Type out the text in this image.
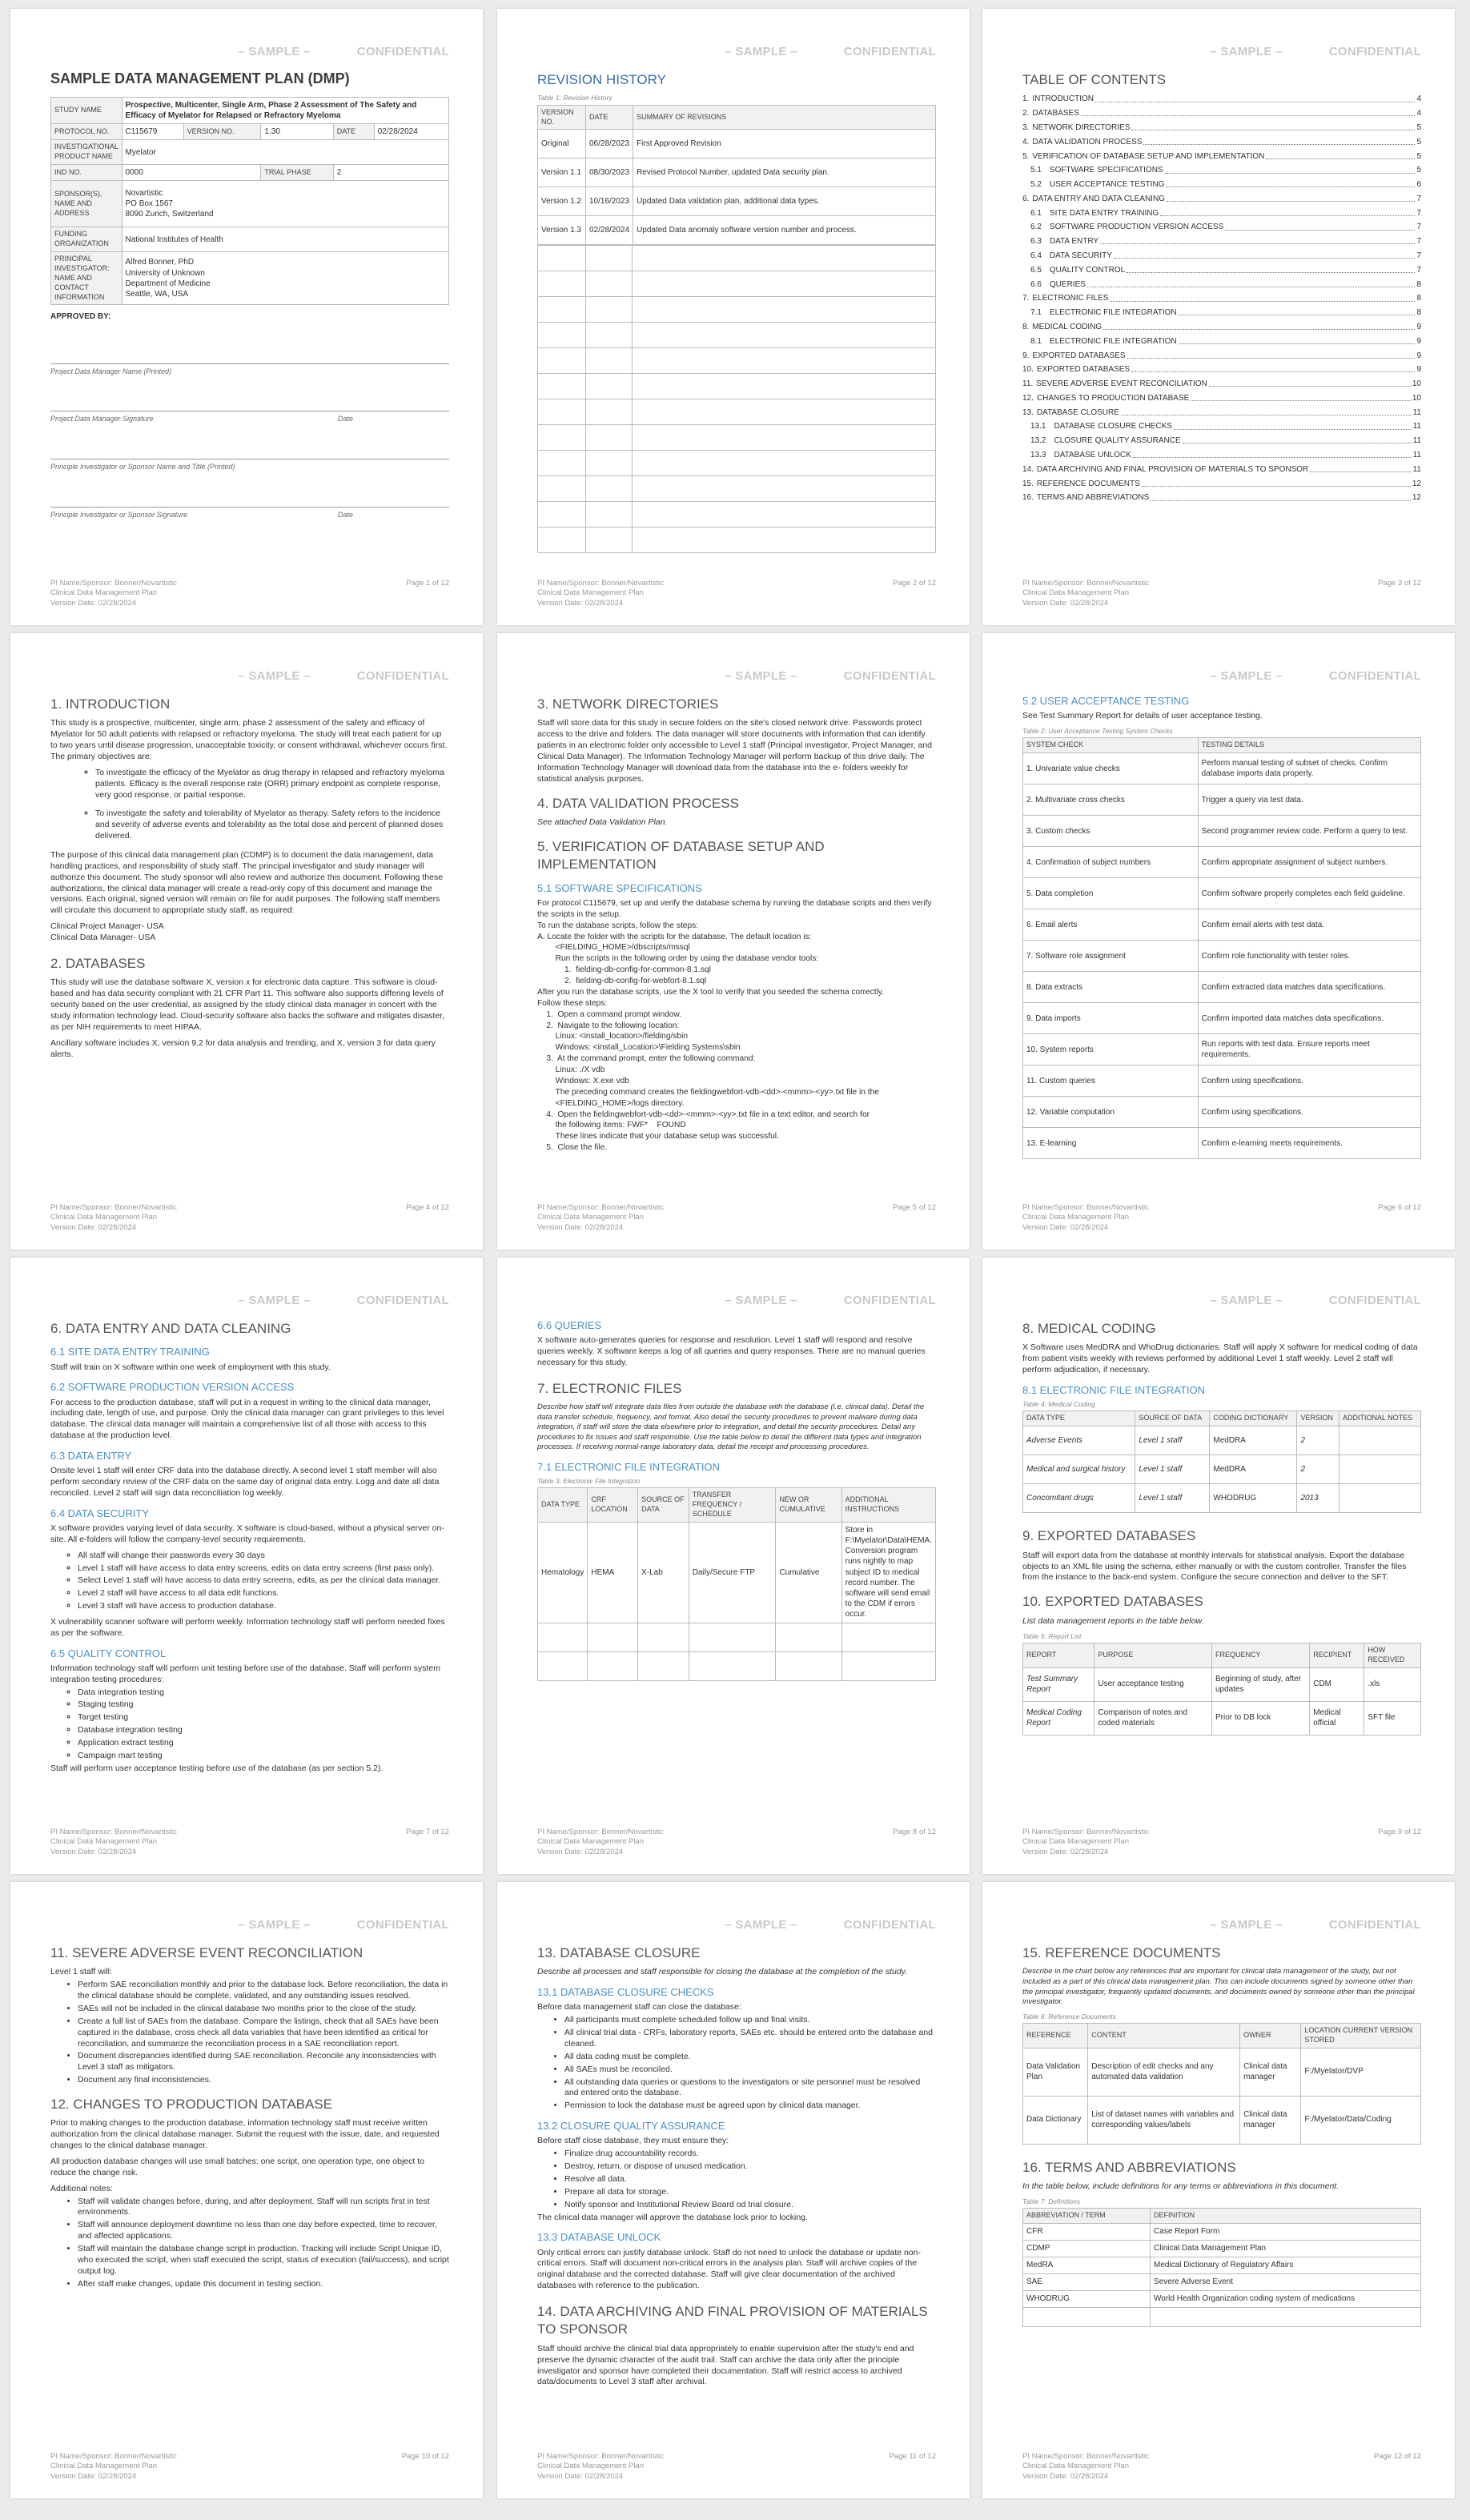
– SAMPLE –	CONFIDENTIAL
SAMPLE DATA MANAGEMENT PLAN (DMP)
STUDY NAME	Prospective, Multicenter, Single Arm, Phase 2 Assessment of The Safety and Efficacy of Myelator for Relapsed or Refractory Myeloma				
PROTOCOL NO.	C115679	VERSION NO.	1.30	DATE	02/28/2024
INVESTIGATIONAL PRODUCT NAME	Myelator				
IND NO.	0000		TRIAL PHASE	2	
SPONSOR(S), NAME AND ADDRESS	Novartistic
PO Box 1567
8090 Zurich, Switzerland				
FUNDING ORGANIZATION	National Institutes of Health				
PRINCIPAL INVESTIGATOR: NAME AND CONTACT INFORMATION	Alfred Bonner, PhD
University of Unknown
Department of Medicine
Seattle, WA, USA				
APPROVED BY:
Project Data Manager Name (Printed)
Project Data Manager Signature	Date
Principle Investigator or Sponsor Name and Title (Printed)
Principle Investigator or Sponsor Signature	Date
PI Name/Sponsor: Bonner/Novartistic
Clinical Data Management Plan
Version Date: 02/28/2024
Page 1 of 12
– SAMPLE –	CONFIDENTIAL
REVISION HISTORY
Table 1: Revision History
VERSION NO.	DATE	SUMMARY OF REVISIONS
Original	06/28/2023	First Approved Revision
Version 1.1	08/30/2023	Revised Protocol Number, updated Data security plan.
Version 1.2	10/16/2023	Updated Data validation plan, additional data types.
Version 1.3	02/28/2024	Updated Data anomaly software version number and process.

PI Name/Sponsor: Bonner/Novartistic
Clinical Data Management Plan
Version Date: 02/28/2024
Page 2 of 12
– SAMPLE –	CONFIDENTIAL
TABLE OF CONTENTS
1. INTRODUCTION	4
2. DATABASES	4
3. NETWORK DIRECTORIES	5
4. DATA VALIDATION PROCESS	5
5. VERIFICATION OF DATABASE SETUP AND IMPLEMENTATION	5
5.1 SOFTWARE SPECIFICATIONS	5
5.2 USER ACCEPTANCE TESTING	6
6. DATA ENTRY AND DATA CLEANING	7
6.1 SITE DATA ENTRY TRAINING	7
6.2 SOFTWARE PRODUCTION VERSION ACCESS	7
6.3 DATA ENTRY	7
6.4 DATA SECURITY	7
6.5 QUALITY CONTROL	7
6.6 QUERIES	8
7. ELECTRONIC FILES	8
7.1 ELECTRONIC FILE INTEGRATION	8
8. MEDICAL CODING	9
8.1 ELECTRONIC FILE INTEGRATION	9
9. EXPORTED DATABASES	9
10. EXPORTED DATABASES	9
11. SEVERE ADVERSE EVENT RECONCILIATION	10
12. CHANGES TO PRODUCTION DATABASE	10
13. DATABASE CLOSURE	11
13.1 DATABASE CLOSURE CHECKS	11
13.2 CLOSURE QUALITY ASSURANCE	11
13.3 DATABASE UNLOCK	11
14. DATA ARCHIVING AND FINAL PROVISION OF MATERIALS TO SPONSOR	11
15. REFERENCE DOCUMENTS	12
16. TERMS AND ABBREVIATIONS	12
PI Name/Sponsor: Bonner/Novartistic
Clinical Data Management Plan
Version Date: 02/28/2024
Page 3 of 12
– SAMPLE –	CONFIDENTIAL
1. INTRODUCTION

This study is a prospective, multicenter, single arm, phase 2 assessment of the safety and efficacy of Myelator for 50 adult patients with relapsed or refractory myeloma. The study will treat each patient for up to two years until disease progression, unacceptable toxicity, or consent withdrawal, whichever occurs first. The primary objectives are:

◦ To investigate the efficacy of the Myelator as drug therapy in relapsed and refractory myeloma patients. Efficacy is the overall response rate (ORR) primary endpoint as complete response, very good response, or partial response.
◦ To investigate the safety and tolerability of Myelator as therapy. Safety refers to the incidence and severity of adverse events and tolerability as the total dose and percent of planned doses delivered.

The purpose of this clinical data management plan (CDMP) is to document the data management, data handling practices, and responsibility of study staff. The principal investigator and study manager will authorize this document. The study sponsor will also review and authorize this document. Following these authorizations, the clinical data manager will create a read-only copy of this document and manage the versions. Each original, signed version will remain on file for audit purposes. The following staff members will circulate this document to appropriate study staff, as required:

Clinical Project Manager- USA
Clinical Data Manager- USA
2. DATABASES

This study will use the database software X, version x for electronic data capture. This software is cloud-based and has data security compliant with 21 CFR Part 11. This software also supports differing levels of security based on the user credential, as assigned by the study clinical data manager in concert with the study information technology lead. Cloud-security software also backs the software and mitigates disaster, as per NIH requirements to meet HIPAA.

Ancillary software includes X, version 9.2 for data analysis and trending, and X, version 3 for data query alerts.

PI Name/Sponsor: Bonner/Novartistic
Clinical Data Management Plan
Version Date: 02/28/2024
Page 4 of 12
– SAMPLE –	CONFIDENTIAL
3. NETWORK DIRECTORIES

Staff will store data for this study in secure folders on the site's closed network drive. Passwords protect access to the drive and folders. The data manager will store documents with information that can identify patients in an electronic folder only accessible to Level 1 staff (Principal investigator, Project Manager, and Clinical Data Manager). The Information Technology Manager will perform backup of this drive daily. The Information Technology Manager will download data from the database into the e- folders weekly for statistical analysis purposes.

4. DATA VALIDATION PROCESS

See attached Data Validation Plan.

5. VERIFICATION OF DATABASE SETUP AND IMPLEMENTATION
5.1 SOFTWARE SPECIFICATIONS
For protocol C115679, set up and verify the database schema by running the database scripts and then verify the scripts in the setup.
To run the database scripts, follow the steps:
A. Locate the folder with the scripts for the database. The default location is:
<FIELDING_HOME>/dbscripts/mssql
Run the scripts in the following order by using the database vendor tools:
1.  fielding-db-config-for-common-8.1.sql
2.  fielding-db-config-for-webfort-8.1.sql
After you run the database scripts, use the X tool to verify that you seeded the schema correctly.
Follow these steps:
1.  Open a command prompt window.
2.  Navigate to the following location:
Linux: <install_location>/fielding/sbin
Windows: <install_Location>\Fielding Systems\sbin
3.  At the command prompt, enter the following command:
Linux: ./X vdb
Windows: X.exe vdb
The preceding command creates the fieldingwebfort-vdb-<dd>-<mmm>-<yy>.txt file in the
<FIELDING_HOME>/logs directory.
4.  Open the fieldingwebfort-vdb-<dd>-<mmm>-<yy>.txt file in a text editor, and search for
the following items: FWF*    FOUND
These lines indicate that your database setup was successful.
5.  Close the file.
PI Name/Sponsor: Bonner/Novartistic
Clinical Data Management Plan
Version Date: 02/28/2024
Page 5 of 12
– SAMPLE –	CONFIDENTIAL
5.2 USER ACCEPTANCE TESTING

See Test Summary Report for details of user acceptance testing.

Table 2: User Acceptance Testing System Checks
SYSTEM CHECK	TESTING DETAILS
1. Univariate value checks	Perform manual testing of subset of checks. Confirm database imports data properly.
2. Multivariate cross checks	Trigger a query via test data.
3. Custom checks	Second programmer review code. Perform a query to test.
4. Confirmation of subject numbers	Confirm appropriate assignment of subject numbers.
5. Data completion	Confirm software properly completes each field guideline.
6. Email alerts	Confirm email alerts with test data.
7. Software role assignment	Confirm role functionality with tester roles.
8. Data extracts	Confirm extracted data matches data specifications.
9. Data imports	Confirm imported data matches data specifications.
10. System reports	Run reports with test data. Ensure reports meet requirements.
11. Custom queries	Confirm using specifications.
12. Variable computation	Confirm using specifications.
13. E-learning	Confirm e-learning meets requirements.
PI Name/Sponsor: Bonner/Novartistic
Clinical Data Management Plan
Version Date: 02/28/2024
Page 6 of 12
– SAMPLE –	CONFIDENTIAL
6. DATA ENTRY AND DATA CLEANING
6.1 SITE DATA ENTRY TRAINING

Staff will train on X software within one week of employment with this study.

6.2 SOFTWARE PRODUCTION VERSION ACCESS

For access to the production database, staff will put in a request in writing to the clinical data manager, including date, length of use, and purpose. Only the clinical data manager can grant privileges to this level database. The clinical data manager will maintain a comprehensive list of all those with access to this database at the production level.

6.3 DATA ENTRY

Onsite level 1 staff will enter CRF data into the database directly. A second level 1 staff member will also perform secondary review of the CRF data on the same day of original data entry. Logg and date all data reconciled. Level 2 staff will sign data reconciliation log weekly.

6.4 DATA SECURITY

X software provides varying level of data security. X software is cloud-based, without a physical server on-site. All e-folders will follow the company-level security requirements.

◦ All staff will change their passwords every 30 days
◦ Level 1 staff will have access to data entry screens, edits on data entry screens (first pass only).
◦ Select Level 1 staff will have access to data entry screens, edits, as per the clinical data manager.
◦ Level 2 staff will have access to all data edit functions.
◦ Level 3 staff will have access to production database.

X vulnerability scanner software will perform weekly. Information technology staff will perform needed fixes as per the software.

6.5 QUALITY CONTROL

Information technology staff will perform unit testing before use of the database. Staff will perform system integration testing procedures:

◦ Data integration testing
◦ Staging testing
◦ Target testing
◦ Database integration testing
◦ Application extract testing
◦ Campaign mart testing

Staff will perform user acceptance testing before use of the database (as per section 5.2).

PI Name/Sponsor: Bonner/Novartistic
Clinical Data Management Plan
Version Date: 02/28/2024
Page 7 of 12
– SAMPLE –	CONFIDENTIAL
6.6 QUERIES

X software auto-generates queries for response and resolution. Level 1 staff will respond and resolve queries weekly. X software keeps a log of all queries and query responses. There are no manual queries necessary for this study.

7. ELECTRONIC FILES

Describe how staff will integrate data files from outside the database with the database (i.e. clinical data). Detail the data transfer schedule, frequency, and format. Also detail the security procedures to prevent malware during data integration, if staff will store the data elsewhere prior to integration, and detail the security procedures. Detail any procedures to fix issues and staff responsible. Use the table below to detail the different data types and integration processes. If receiving normal-range laboratory data, detail the receipt and processing procedures.

7.1 ELECTRONIC FILE INTEGRATION
Table 3: Electronic File Integration
DATA TYPE	CRF LOCATION	SOURCE OF DATA	TRANSFER FREQUENCY / SCHEDULE	NEW OR CUMULATIVE	ADDITIONAL INSTRUCTIONS
Hematology	HEMA	X-Lab	Daily/Secure FTP	Cumulative	Store in F:\Myelator\Data\HEMA. Conversion program runs nightly to map subject ID to medical record number. The software will send email to the CDM if errors occur.

PI Name/Sponsor: Bonner/Novartistic
Clinical Data Management Plan
Version Date: 02/28/2024
Page 8 of 12
– SAMPLE –	CONFIDENTIAL
8. MEDICAL CODING

X Software uses MedDRA and WhoDrug dictionaries. Staff will apply X software for medical coding of data from patient visits weekly with reviews performed by additional Level 1 staff weekly. Level 2 staff will perform adjudication, if necessary.

8.1 ELECTRONIC FILE INTEGRATION
Table 4: Medical Coding
DATA TYPE	SOURCE OF DATA	CODING DICTIONARY	VERSION	ADDITIONAL NOTES
Adverse Events	Level 1 staff	MedDRA	2	
Medical and surgical history	Level 1 staff	MedDRA	2	
Concomitant drugs	Level 1 staff	WHODRUG	2013	
9. EXPORTED DATABASES

Staff will export data from the database at monthly intervals for statistical analysis. Export the database objects to an XML file using the schema, either manually or with the custom controller. Transfer the files from the instance to the back-end system. Configure the secure connection and deliver to the SFT.

10. EXPORTED DATABASES

List data management reports in the table below.

Table 5: Report List
REPORT	PURPOSE	FREQUENCY	RECIPIENT	HOW RECEIVED
Test Summary Report	User acceptance testing	Beginning of study, after updates	CDM	.xls
Medical Coding Report	Comparison of notes and coded materials	Prior to DB lock	Medical official	SFT file
PI Name/Sponsor: Bonner/Novartistic
Clinical Data Management Plan
Version Date: 02/28/2024
Page 9 of 12
– SAMPLE –	CONFIDENTIAL
11. SEVERE ADVERSE EVENT RECONCILIATION

Level 1 staff will:

• Perform SAE reconciliation monthly and prior to the database lock. Before reconciliation, the data in the clinical database should be complete, validated, and any outstanding issues resolved.
• SAEs will not be included in the clinical database two months prior to the close of the study.
• Create a full list of SAEs from the database. Compare the listings, check that all SAEs have been captured in the database, cross check all data variables that have been identified as critical for reconciliation, and summarize the reconciliation process in a SAE reconciliation report.
• Document discrepancies identified during SAE reconciliation. Reconcile any inconsistencies with Level 3 staff as mitigators.
• Document any final inconsistencies.
12. CHANGES TO PRODUCTION DATABASE

Prior to making changes to the production database, information technology staff must receive written authorization from the clinical database manager. Submit the request with the issue, date, and requested changes to the clinical database manager.

All production database changes will use small batches: one script, one operation type, one object to reduce the change risk.

Additional notes:

• Staff will validate changes before, during, and after deployment. Staff will run scripts first in test environments.
• Staff will announce deployment downtime no less than one day before expected, time to recover, and affected applications.
• Staff will maintain the database change script in production. Tracking will include Script Unique ID, who executed the script, when staff executed the script, status of execution (fail/success), and script output log.
• After staff make changes, update this document in testing section.
PI Name/Sponsor: Bonner/Novartistic
Clinical Data Management Plan
Version Date: 02/28/2024
Page 10 of 12
– SAMPLE –	CONFIDENTIAL
13. DATABASE CLOSURE

Describe all processes and staff responsible for closing the database at the completion of the study.

13.1 DATABASE CLOSURE CHECKS

Before data management staff can close the database:

• All participants must complete scheduled follow up and final visits.
• All clinical trial data - CRFs, laboratory reports, SAEs etc. should be entered onto the database and cleaned.
• All data coding must be complete.
• All SAEs must be reconciled.
• All outstanding data queries or questions to the investigators or site personnel must be resolved and entered onto the database.
• Permission to lock the database must be agreed upon by clinical data manager.
13.2 CLOSURE QUALITY ASSURANCE

Before staff close database, they must ensure they:

• Finalize drug accountability records.
• Destroy, return, or dispose of unused medication.
• Resolve all data.
• Prepare all data for storage.
• Notify sponsor and Institutional Review Board od trial closure.

The clinical data manager will approve the database lock prior to locking.

13.3 DATABASE UNLOCK

Only critical errors can justify database unlock. Staff do not need to unlock the database or update non-critical errors. Staff will document non-critical errors in the analysis plan. Staff will archive copies of the original database and the corrected database. Staff will give clear documentation of the archived databases with reference to the publication.

14. DATA ARCHIVING AND FINAL PROVISION OF MATERIALS TO SPONSOR

Staff should archive the clinical trial data appropriately to enable supervision after the study's end and preserve the dynamic character of the audit trail. Staff can archive the data only after the principle investigator and sponsor have completed their documentation. Staff will restrict access to archived data/documents to Level 3 staff after archival.

PI Name/Sponsor: Bonner/Novartistic
Clinical Data Management Plan
Version Date: 02/28/2024
Page 11 of 12
– SAMPLE –	CONFIDENTIAL
15. REFERENCE DOCUMENTS

Describe in the chart below any references that are important for clinical data management of the study, but not included as a part of this clinical data management plan. This can include documents signed by someone other than the principal investigator, frequently updated documents, and documents owned by someone other than the principal investigator.

Table 6: Reference Documents
REFERENCE	CONTENT	OWNER	LOCATION CURRENT VERSION STORED
Data Validation Plan	Description of edit checks and any automated data validation	Clinical data manager	F:/Myelator/DVP
Data Dictionary	List of dataset names with variables and corresponding values/labels	Clinical data manager	F:/Myelator/Data/Coding
16. TERMS AND ABBREVIATIONS

In the table below, include definitions for any terms or abbreviations in this document.

Table 7: Definitions
ABBREVIATION / TERM	DEFINITION
CFR	Case Report Form
CDMP	Clinical Data Management Plan
MedRA	Medical Dictionary of Regulatory Affairs
SAE	Severe Adverse Event
WHODRUG	World Health Organization coding system of medications

PI Name/Sponsor: Bonner/Novartistic
Clinical Data Management Plan
Version Date: 02/28/2024
Page 12 of 12
